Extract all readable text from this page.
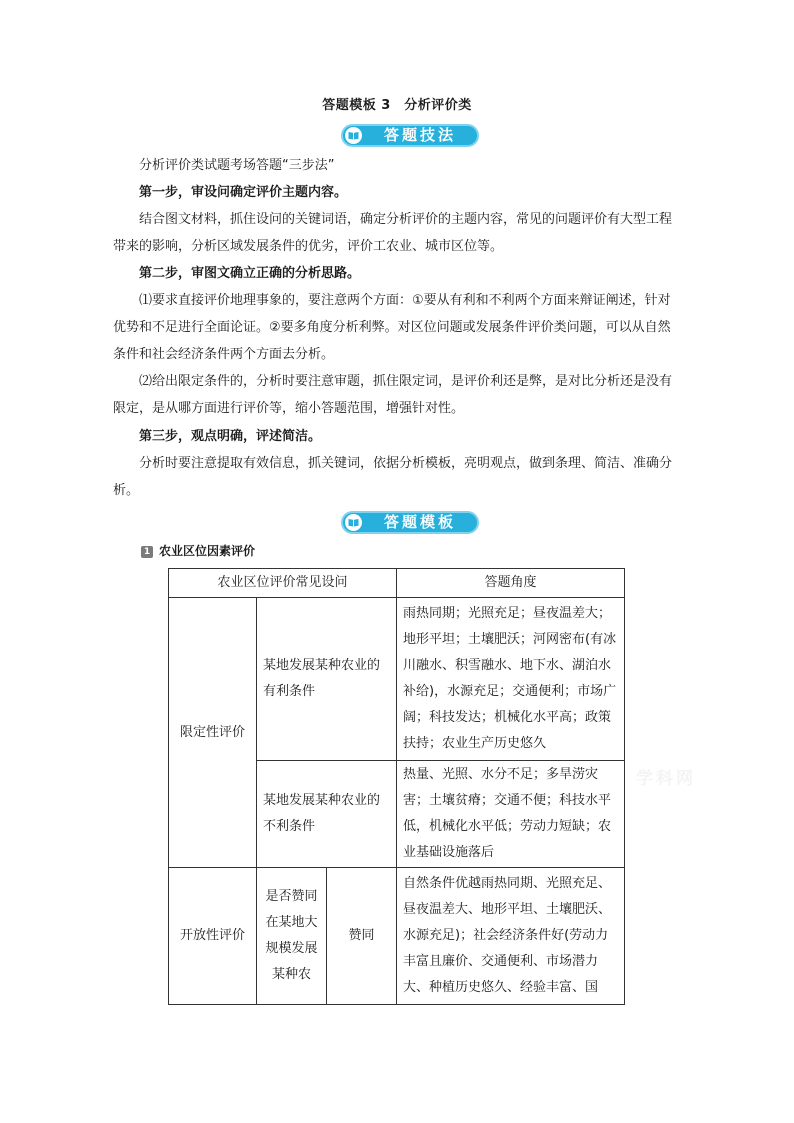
答题模板 3　分析评价类
答题技法

分析评价类试题考场答题“三步法”

第一步，审设问确定评价主题内容。

结合图文材料，抓住设问的关键词语，确定分析评价的主题内容，常见的问题评价有大型工程带来的影响，分析区域发展条件的优劣，评价工农业、城市区位等。

第二步，审图文确立正确的分析思路。

⑴要求直接评价地理事象的，要注意两个方面：①要从有利和不利两个方面来辩证阐述，针对优势和不足进行全面论证。②要多角度分析利弊。对区位问题或发展条件评价类问题，可以从自然条件和社会经济条件两个方面去分析。

⑵给出限定条件的，分析时要注意审题，抓住限定词，是评价利还是弊，是对比分析还是没有限定，是从哪方面进行评价等，缩小答题范围，增强针对性。

第三步，观点明确，评述简洁。

分析时要注意提取有效信息，抓关键词，依据分析模板，亮明观点，做到条理、简洁、准确分析。

答题模板
1 农业区位因素评价
农业区位评价常见设问			答题角度
限定性评价	某地发展某种农业的有利条件		雨热同期；光照充足；昼夜温差大；地形平坦；土壤肥沃；河网密布(有冰川融水、积雪融水、地下水、湖泊水补给)，水源充足；交通便利；市场广阔；科技发达；机械化水平高；政策扶持；农业生产历史悠久
	某地发展某种农业的不利条件		热量、光照、水分不足；多旱涝灾害；土壤贫瘠；交通不便；科技水平低，机械化水平低；劳动力短缺；农业基础设施落后
开放性评价	是否赞同在某地大规模发展某种农	赞同	自然条件优越雨热同期、光照充足、昼夜温差大、地形平坦、土壤肥沃、水源充足)；社会经济条件好(劳动力丰富且廉价、交通便利、市场潜力大、种植历史悠久、经验丰富、国
学科网
